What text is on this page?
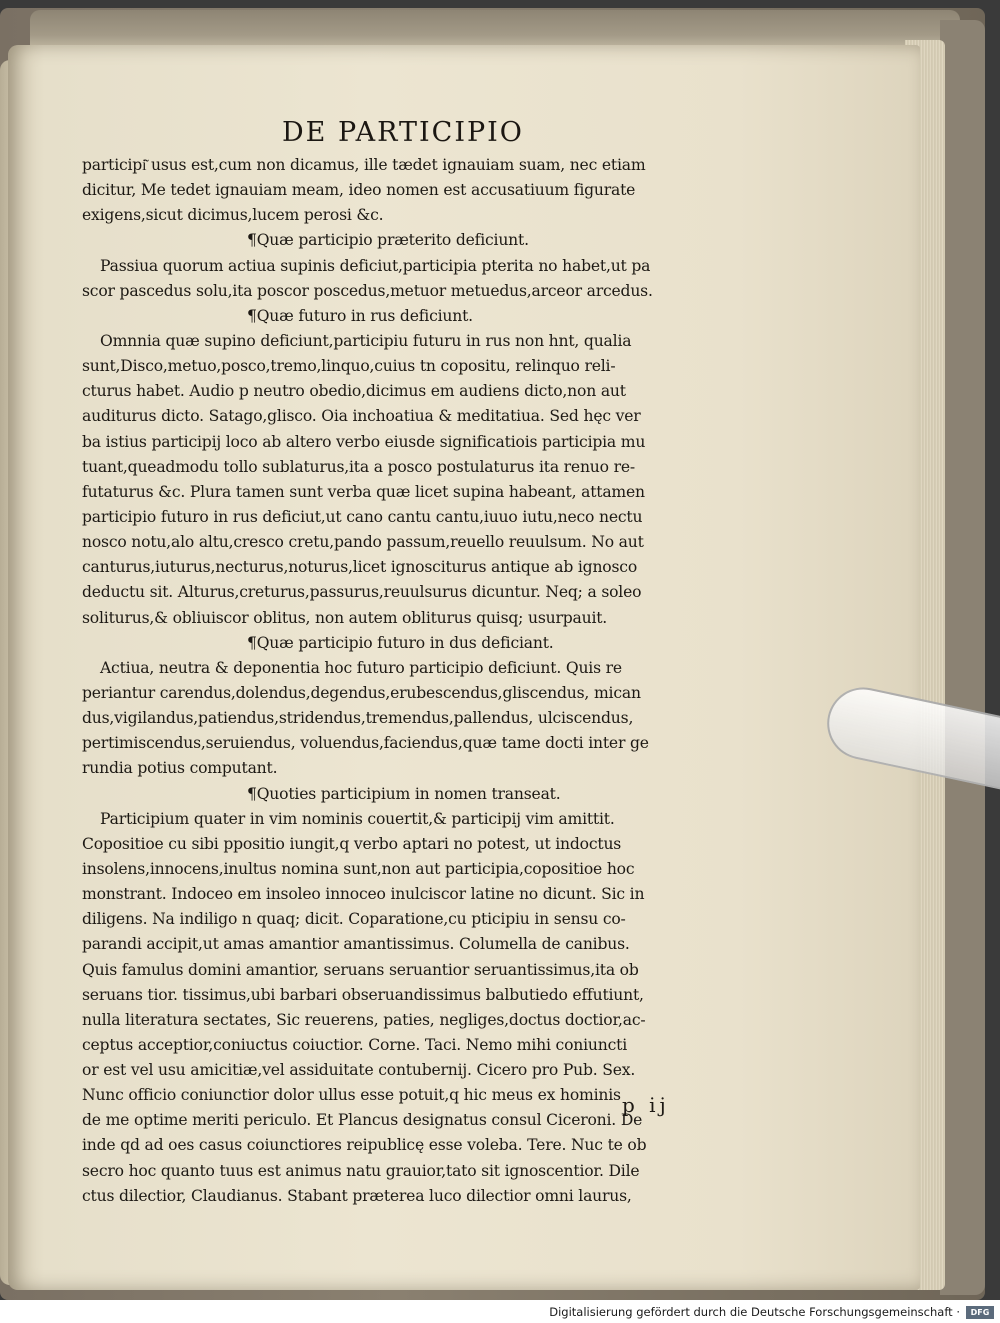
DE PARTICIPIO
participi͂ usus est,cum non dicamus, ille tædet ignauiam suam, nec etiam
dicitur, Me tedet ignauiam meam, ideo nomen est accusatiuum figurate
exigens,sicut dicimus,lucem perosi &c.
¶Quæ participio præterito deficiunt.
Passiua quorum actiua supinis deficiut,participia pterita no habet,ut pa
scor pascedus solu,ita poscor poscedus,metuor metuedus,arceor arcedus.
¶Quæ futuro in rus deficiunt.
Omnnia quæ supino deficiunt,participiu futuru in rus non hnt, qualia
sunt,Disco,metuo,posco,tremo,linquo,cuius tn copositu, relinquo reli-
cturus habet. Audio p neutro obedio,dicimus em audiens dicto,non aut
auditurus dicto. Satago,glisco. Oia inchoatiua & meditatiua. Sed hęc ver
ba istius participij loco ab altero verbo eiusde significatiois participia mu
tuant,queadmodu tollo sublaturus,ita a posco postulaturus ita renuo re-
futaturus &c. Plura tamen sunt verba quæ licet supina habeant, attamen
participio futuro in rus deficiut,ut cano cantu cantu,iuuo iutu,neco nectu
nosco notu,alo altu,cresco cretu,pando passum,reuello reuulsum. No aut
canturus,iuturus,necturus,noturus,licet ignosciturus antique ab ignosco
deductu sit. Alturus,creturus,passurus,reuulsurus dicuntur. Neq; a soleo
soliturus,& obliuiscor oblitus, non autem obliturus quisq; usurpauit.
¶Quæ participio futuro in dus deficiant.
Actiua, neutra & deponentia hoc futuro participio deficiunt. Quis re
periantur carendus,dolendus,degendus,erubescendus,gliscendus, mican
dus,vigilandus,patiendus,stridendus,tremendus,pallendus, ulciscendus,
pertimiscendus,seruiendus, voluendus,faciendus,quæ tame docti inter ge
rundia potius computant.
¶Quoties participium in nomen transeat.
Participium quater in vim nominis couertit,& participij vim amittit.
Copositioe cu sibi ppositio iungit,q verbo aptari no potest, ut indoctus
insolens,innocens,inultus nomina sunt,non aut participia,copositioe hoc
monstrant. Indoceo em insoleo innoceo inulciscor latine no dicunt. Sic in
diligens. Na indiligo n quaq; dicit. Coparatione,cu pticipiu in sensu co-
parandi accipit,ut amas amantior amantissimus. Columella de canibus.
Quis famulus domini amantior, seruans seruantior seruantissimus,ita ob
seruans tior. tissimus,ubi barbari obseruandissimus balbutiedo effutiunt,
nulla literatura sectates, Sic reuerens, paties, negliges,doctus doctior,ac-
ceptus acceptior,coniuctus coiuctior. Corne. Taci. Nemo mihi coniuncti
or est vel usu amicitiæ,vel assiduitate contubernij. Cicero pro Pub. Sex.
Nunc officio coniunctior dolor ullus esse potuit,q hic meus ex hominis
de me optime meriti periculo. Et Plancus designatus consul Ciceroni. De
inde qd ad oes casus coiunctiores reipublicę esse voleba. Tere. Nuc te ob
secro hoc quanto tuus est animus natu grauior,tato sit ignoscentior. Dile
ctus dilectior, Claudianus. Stabant præterea luco dilectior omni laurus,
p ij
Digitalisierung gefördert durch die Deutsche Forschungsgemeinschaft ·	DFG
